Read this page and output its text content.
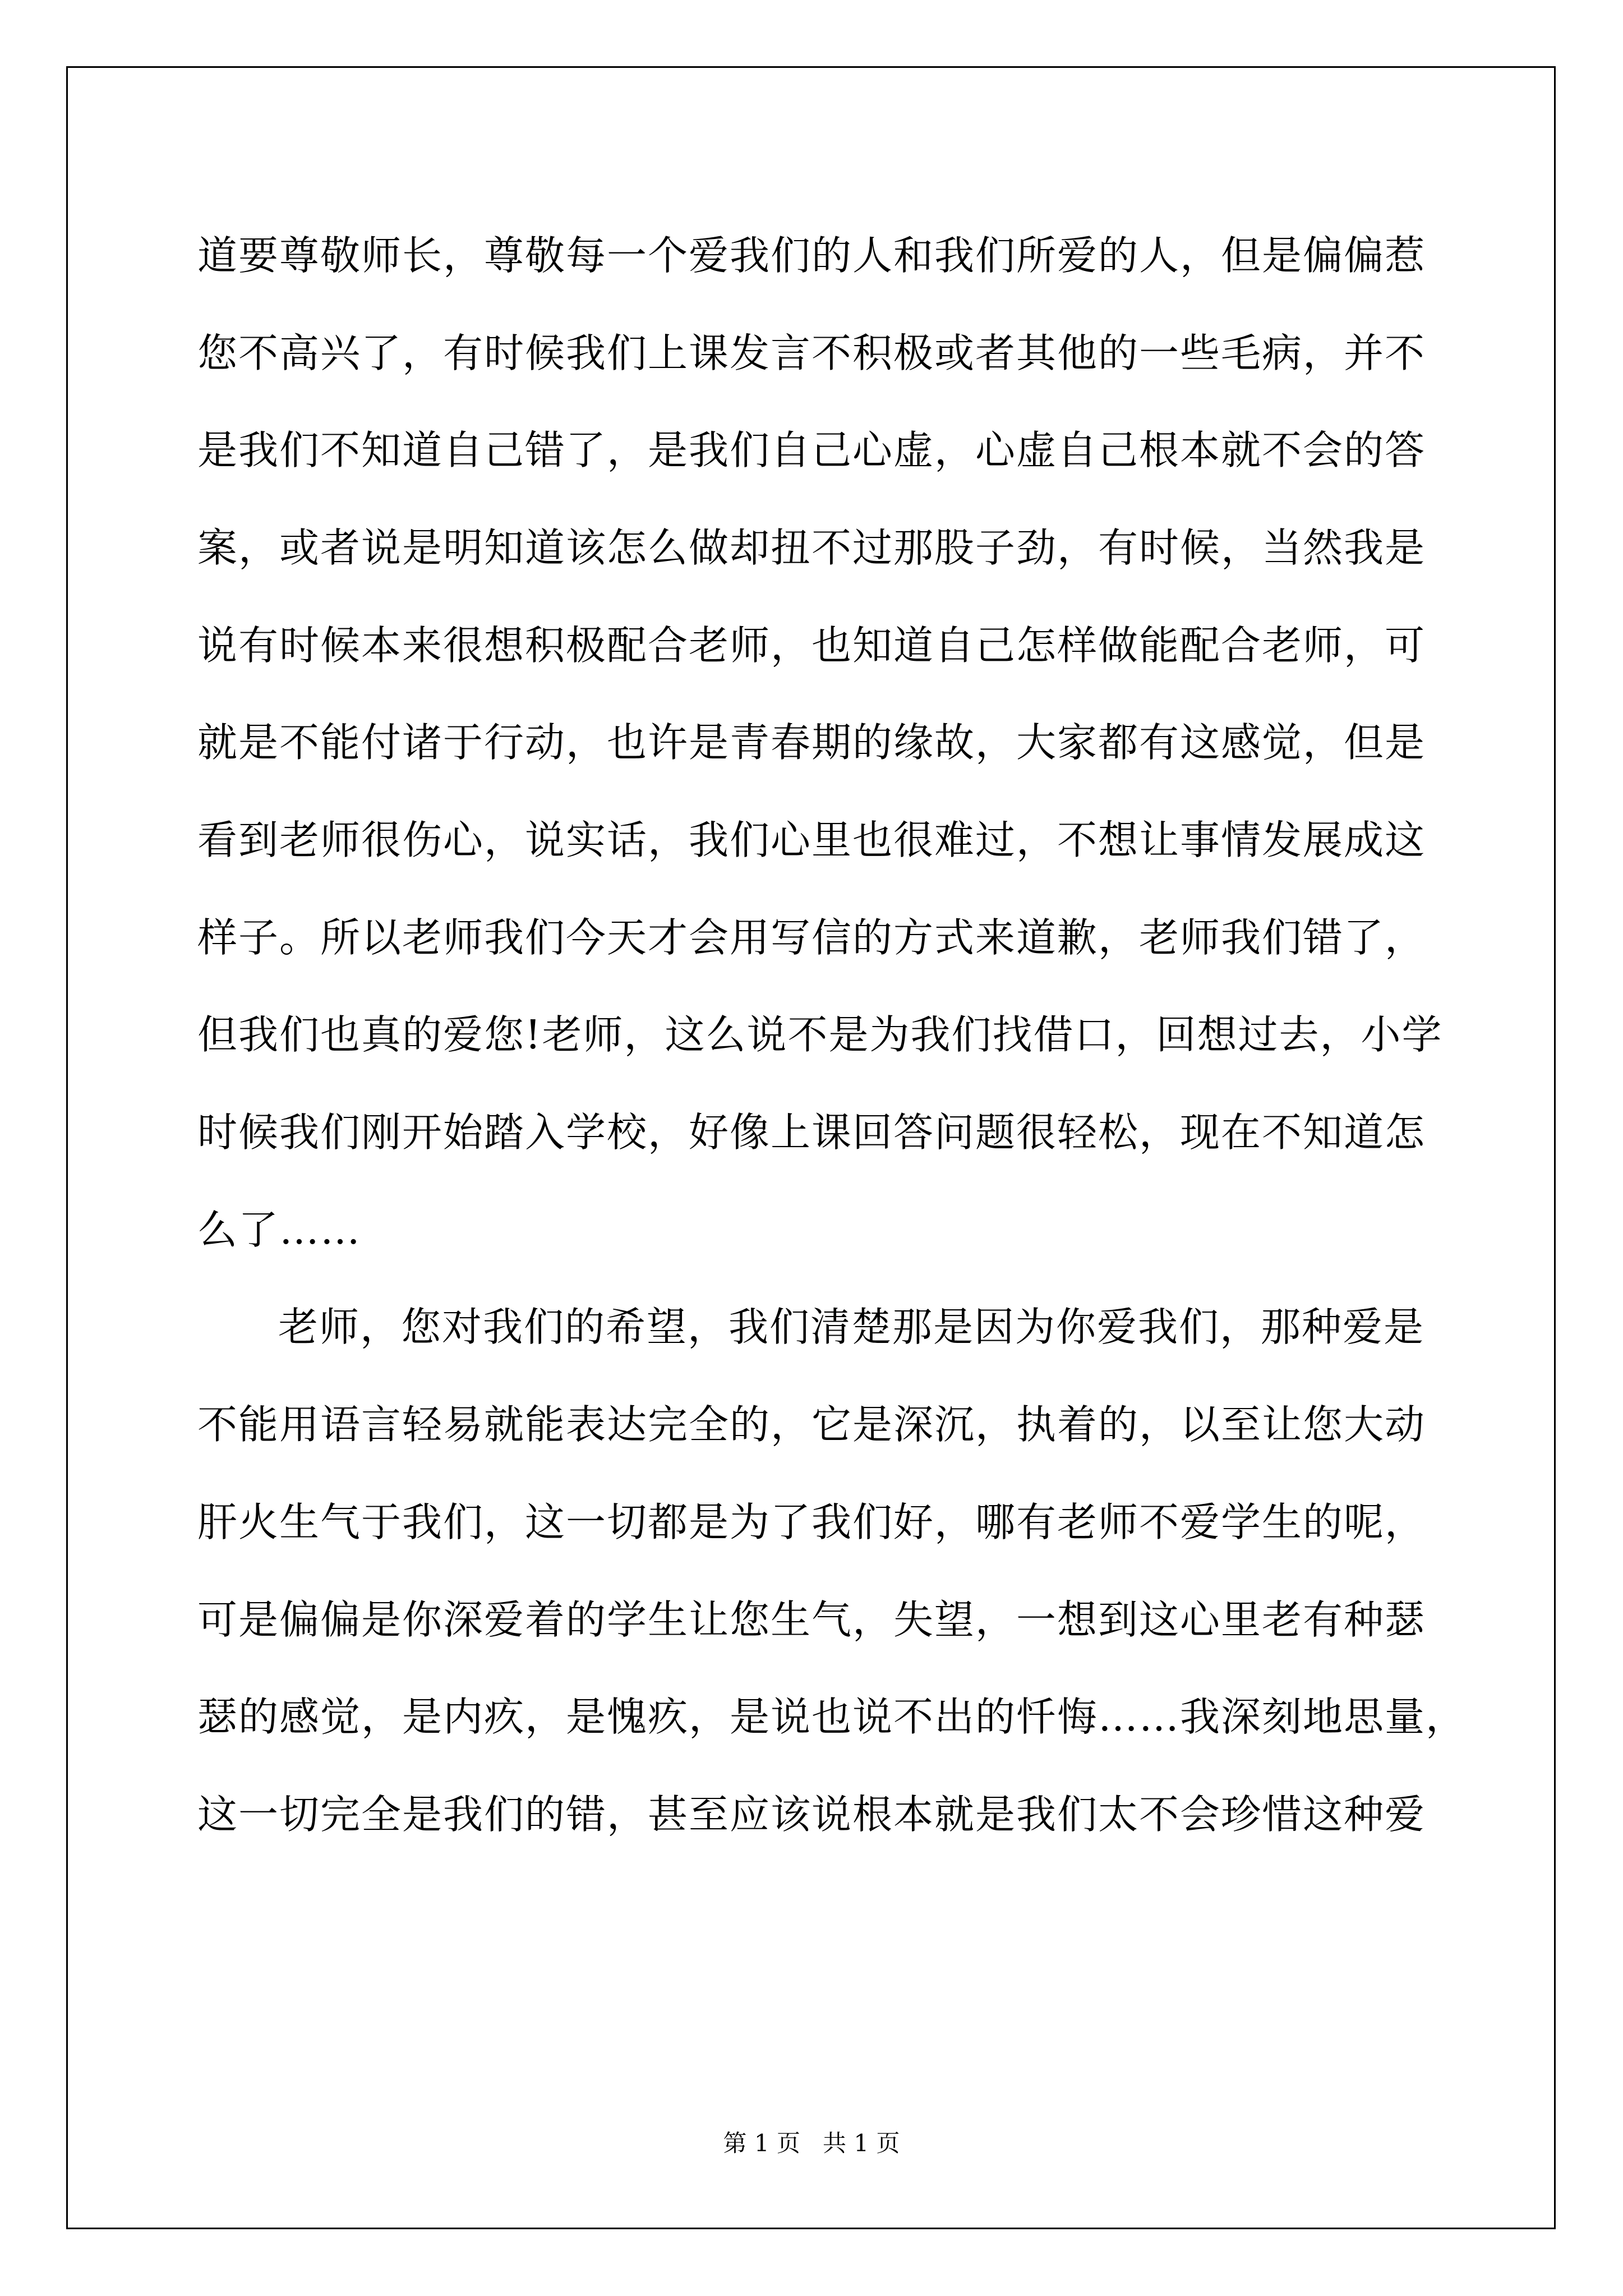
道要尊敬师长，尊敬每一个爱我们的人和我们所爱的人，但是偏偏惹
您不高兴了，有时候我们上课发言不积极或者其他的一些毛病，并不
是我们不知道自己错了，是我们自己心虚，心虚自己根本就不会的答
案，或者说是明知道该怎么做却扭不过那股子劲，有时候，当然我是
说有时候本来很想积极配合老师，也知道自己怎样做能配合老师，可
就是不能付诸于行动，也许是青春期的缘故，大家都有这感觉，但是
看到老师很伤心，说实话，我们心里也很难过，不想让事情发展成这
样子。所以老师我们今天才会用写信的方式来道歉，老师我们错了，
但我们也真的爱您!老师，这么说不是为我们找借口，回想过去，小学
时候我们刚开始踏入学校，好像上课回答问题很轻松，现在不知道怎
么了……
老师，您对我们的希望，我们清楚那是因为你爱我们，那种爱是
不能用语言轻易就能表达完全的，它是深沉，执着的，以至让您大动
肝火生气于我们，这一切都是为了我们好，哪有老师不爱学生的呢，
可是偏偏是你深爱着的学生让您生气，失望，一想到这心里老有种瑟
瑟的感觉，是内疚，是愧疚，是说也说不出的忏悔……我深刻地思量，
这一切完全是我们的错，甚至应该说根本就是我们太不会珍惜这种爱
第 1 页   共 1 页
